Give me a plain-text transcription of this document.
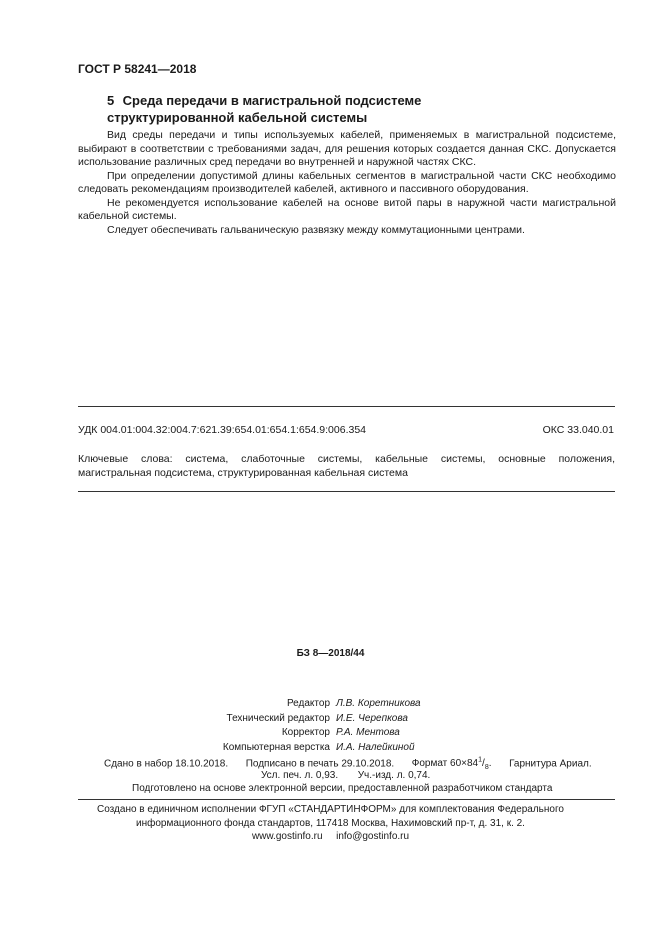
ГОСТ Р 58241—2018
5 Среда передачи в магистральной подсистеме
структурированной кабельной системы

Вид среды передачи и типы используемых кабелей, применяемых в магистральной подсистеме, выбирают в соответствии с требованиями задач, для решения которых создается данная СКС. Допускается использование различных сред передачи во внутренней и наружной частях СКС.

При определении допустимой длины кабельных сегментов в магистральной части СКС необходимо следовать рекомендациям производителей кабелей, активного и пассивного оборудования.

Не рекомендуется использование кабелей на основе витой пары в наружной части магистральной кабельной системы.

Следует обеспечивать гальваническую развязку между коммутационными центрами.

УДК 004.01:004.32:004.7:621.39:654.01:654.1:654.9:006.354	ОКС 33.040.01

Ключевые слова: система, слаботочные системы, кабельные системы, основные положения,

магистральная подсистема, структурированная кабельная система

БЗ 8—2018/44
Редактор Л.В. Коретникова
Технический редактор И.Е. Черепкова
Корректор Р.А. Ментова
Компьютерная верстка И.А. Налейкиной
Сдано в набор 18.10.2018. Подписано в печать 29.10.2018. Формат $60\times 84^1/_8$. Гарнитура Ариал.
Усл. печ. л. 0,93. Уч.-изд. л. 0,74.
Подготовлено на основе электронной версии, предоставленной разработчиком стандарта
Создано в единичном исполнении ФГУП «СТАНДАРТИНФОРМ» для комплектования Федерального
информационного фонда стандартов, 117418 Москва, Нахимовский пр-т, д. 31, к. 2.
www.gostinfo.ru info@gostinfo.ru
